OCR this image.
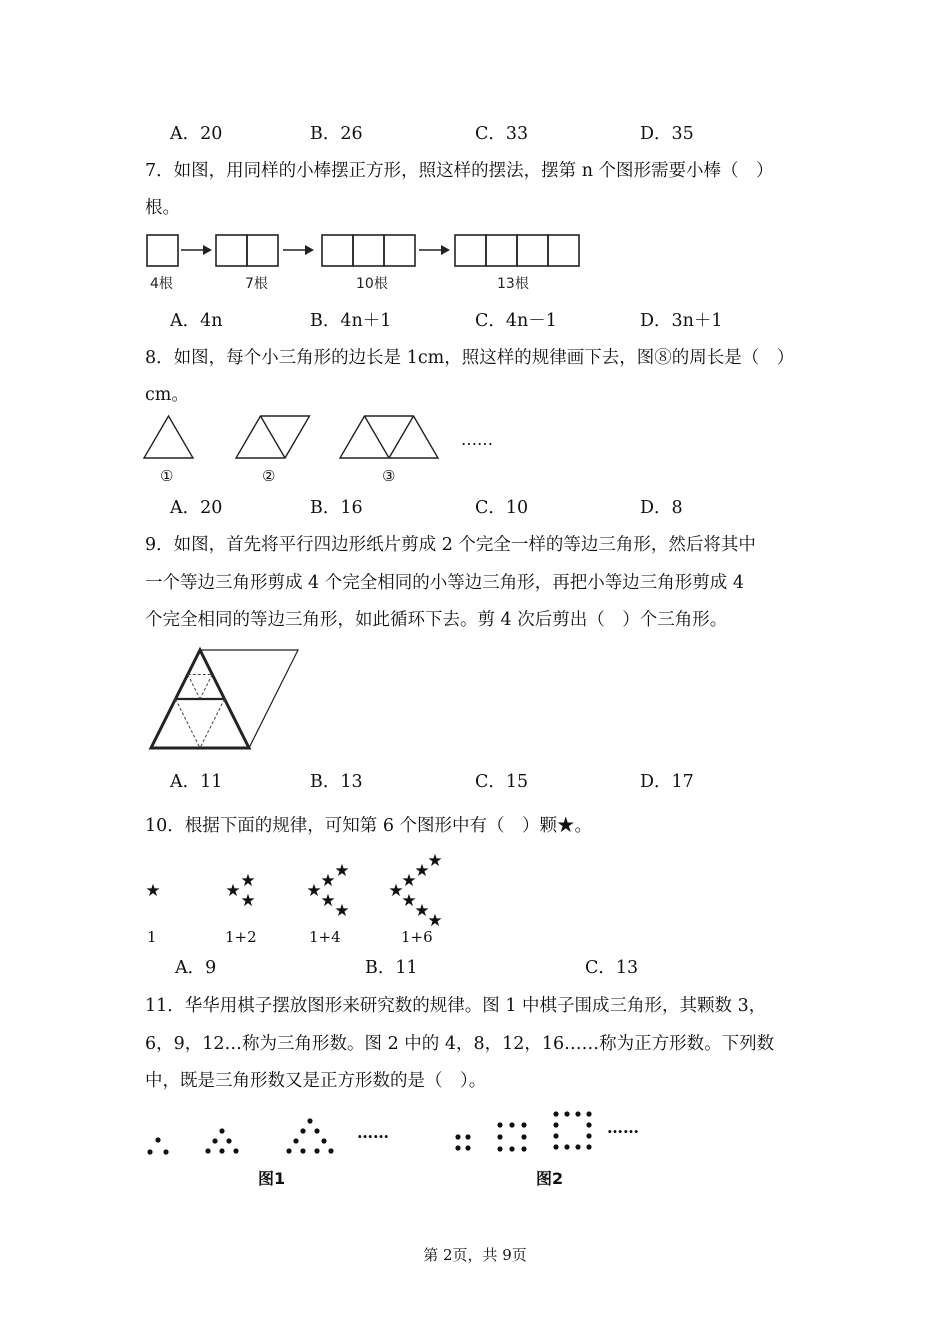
A．20	B．26	C．33	D．35
7．如图，用同样的小棒摆正方形，照这样的摆法，摆第 n 个图形需要小棒（　）
根。
4根	7根	10根	13根
A．4n	B．4n＋1	C．4n－1	D．3n＋1
8．如图，每个小三角形的边长是 1cm，照这样的规律画下去，图⑧的周长是（　）
cm。
……
①	②	③
A．20	B．16	C．10	D．8
9．如图，首先将平行四边形纸片剪成 2 个完全一样的等边三角形，然后将其中
一个等边三角形剪成 4 个完全相同的小等边三角形，再把小等边三角形剪成 4
个完全相同的等边三角形，如此循环下去。剪 4 次后剪出（　）个三角形。
A．11	B．13	C．15	D．17
10．根据下面的规律，可知第 6 个图形中有（　）颗★。
★	★ ★
★	★
★
★
★
★
★
★
★
★
★
★
★
1	1+2	1+4	1+6
A．9	B．11	C．13
11．华华用棋子摆放图形来研究数的规律。图 1 中棋子围成三角形，其颗数 3，
6，9，12…称为三角形数。图 2 中的 4，8，12，16……称为正方形数。下列数
中，既是三角形数又是正方形数的是（　）。
……	……
图1	图2
第 2页，共 9页
